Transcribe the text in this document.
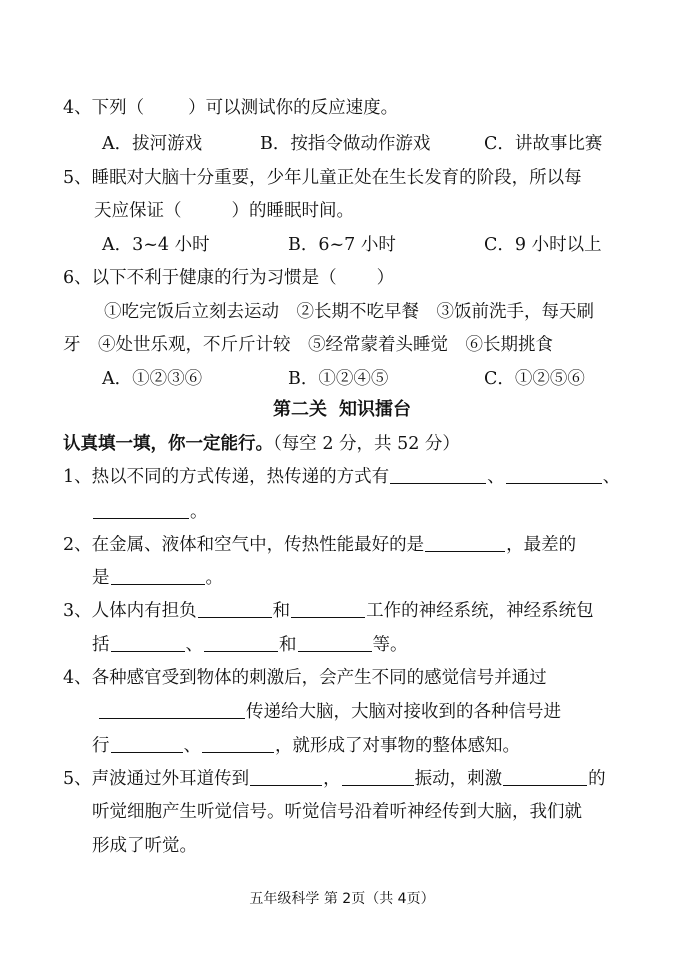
4、下列（	）可以测试你的反应速度。
A．拔河游戏	B．按指令做动作游戏	C．讲故事比赛
5、睡眠对大脑十分重要，少年儿童正处在生长发育的阶段，所以每
天应保证（	）的睡眠时间。
A．3~4 小时	B．6~7 小时	C．9 小时以上
6、以下不利于健康的行为习惯是（ ）
①吃完饭后立刻去运动　②长期不吃早餐　③饭前洗手，每天刷
牙　④处世乐观，不斤斤计较　⑤经常蒙着头睡觉　⑥长期挑食
A．①②③⑥	B．①②④⑤	C．①②⑤⑥
第二关 知识擂台
认真填一填，你一定能行。（每空 2 分，共 52 分）
1、热以不同的方式传递，热传递的方式有	、	、
。
2、在金属、液体和空气中，传热性能最好的是	，最差的
是	。
3、人体内有担负	和	工作的神经系统，神经系统包
括	、	和	等。
4、各种感官受到物体的刺激后，会产生不同的感觉信号并通过
传递给大脑，大脑对接收到的各种信号进
行	、	，就形成了对事物的整体感知。
5、声波通过外耳道传到	，	振动，刺激	的
听觉细胞产生听觉信号。听觉信号沿着听神经传到大脑，我们就
形成了听觉。
五年级科学 第 2页（共 4页）
